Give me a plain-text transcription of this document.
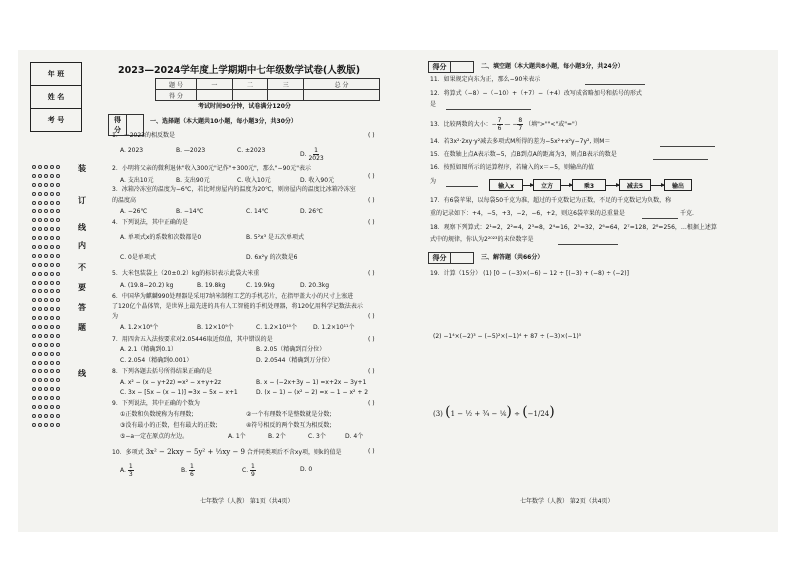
年 班
姓 名
考 号
装
订
线
内
不
要
答
题
线
2023—2024学年度上学期期中七年级数学试卷(人教版)
题 号	一	二	三	总 分
得 分				
考试时间90分钟，试卷满分120分
得分	
一、选择题（本大题共10小题，每小题3分，共30分）
1． －2023的相反数是	( )
A. 2023	B. —2023	C. ±2023
D. $\frac{1}{2023}$
2．小明将父亲的微利退休"收入300元"记作"+300元"，那么"−90元"表示
( )
A. 支出10元	B. 支出90元	C. 收入10元	D. 收入90元
3．冰箱冷冻室的温度为−6℃，若比时房屋内的温度为20℃，则房屋内的温度比冰箱冷冻室
的温度高	( )
A. −26℃	B. −14℃	C. 14℃	D. 26℃
4．下列说法，其中正确的是	( )
A. 单项式x的系数和次数都是0	B. 5²x³ 是五次单项式
C. 0是单项式	D. 6x²y 的次数是6
5．大米包装袋上（20±0.2）kg的标识表示此袋大米重	( )
A. (19.8−20.2) kg	B. 19.8kg	C. 19.9kg	D. 20.3kg
6．中国华为麒麟990处理器是采用7纳米制程工艺的手机芯片，在指甲盖大小的尺寸上塞进
了120亿个晶体管，是世界上最先进的具有人工智能的手机处理器，将120亿用科学记数法表示
为	( )
A. 1.2×10⁹个	B. 12×10⁹个	C. 1.2×10¹⁰个	D. 1.2×10¹¹个
7．用四舍五入法按要求对2.05446取近似值，其中错误的是	( )
A. 2.1（精确到0.1）	B. 2.05（精确到百分位）
C. 2.054（精确到0.001）	D. 2.0544（精确到万分位）
8．下列各题去括号所得结果正确的是	( )
A. x² − (x − y+2z) =x² − x+y+2z	B. x − (−2x+3y − 1) =x+2x − 3y+1
C. 3x − [5x − (x − 1)] =3x − 5x − x+1	D. (x − 1) − (x² − 2) =x − 1 − x² + 2
9．下列说法，其中正确的个数为	( )
①正数和负数统称为有理数;	②一个有理数不是整数就是分数;
③没有最小的正数，但有最大的正数;	④符号相反的两个数互为相反数;
⑤−a一定在原点的左边。	A. 1个	B. 2个	C. 3个	D. 4个
10．多项式 3x² − 2kxy − 5y² + ⅓xy − 9 合并同类项后不含xy项，则k的值是	( )
A. $\frac{1}{3}$	B. $\frac{1}{6}$	C. $\frac{1}{9}$	D. 0
七年数学（人教） 第1页（共4页）
得分		二、填空题（本大题共8小题，每小题3分，共24分）
11．如果规定向东为正，那么−90米表示
12．将算式（−8）−（−10）+（+7）−（+4）改写成省略加号和括号的形式
是
13．比较两数的大小：− $\frac{7}{6}$ — − $\frac{8}{7}$ （填">""<"或"="）
14．若3x²·2xy·y²减去多项式M所得的差为−5x²+x²y−7y², 则M＝
15．在数轴上点A表示数−5，点B到点A的距离为3，则点B表示的数是
16．按照如图所示的运算程序，若输入的x＝−5，则输出的值
为
输入x	立方	乘3	减去5	输出
17．有6袋苹果，以每袋50千克为准，超过的千克数记为正数，不足的千克数记为负数，称
重的记录如下：+4，−5，+3，−2，−6，+2，则这6袋苹果的总重量是	千克.
18．观察下列算式：2¹=2，2²=4，2³=8，2⁴=16，2⁵=32，2⁶=64，2⁷=128，2⁸=256，…根据上述算
式中的规律，你认为2²⁰²³的末位数字是
得分		三、解答题（共66分）
19．计算（15分） (1) [0 − (−3)×(−6) − 12 ÷ [(−3) + (−8) ÷ (−2)]
(2) −1⁴×(−2)³ − (−5)²×(−1)⁴ + 87 ÷ (−3)×(−1)⁵
(3) (1 − ½ + ¾ − ⅙) ÷ (−1/24)
七年数学（人教） 第2页（共4页）
